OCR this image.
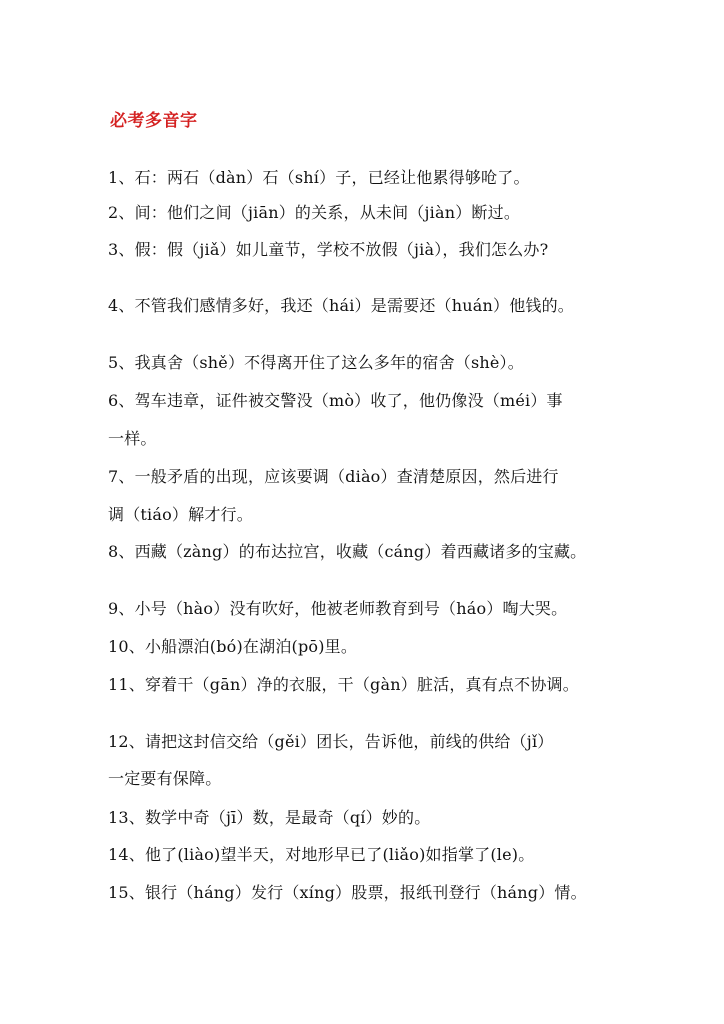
必考多音字
1、石：两石（dàn）石（shí）子，已经让他累得够呛了。
2、间：他们之间（jiān）的关系，从未间（jiàn）断过。
3、假：假（jiǎ）如儿童节，学校不放假（jià），我们怎么办?
4、不管我们感情多好，我还（hái）是需要还（huán）他钱的。
5、我真舍（shě）不得离开住了这么多年的宿舍（shè）。
6、驾车违章，证件被交警没（mò）收了，他仍像没（méi）事
一样。
7、一般矛盾的出现，应该要调（diào）查清楚原因，然后进行
调（tiáo）解才行。
8、西藏（zàng）的布达拉宫，收藏（cáng）着西藏诸多的宝藏。
9、小号（hào）没有吹好，他被老师教育到号（háo）啕大哭。
10、小船漂泊(bó)在湖泊(pō)里。
11、穿着干（gān）净的衣服，干（gàn）脏活，真有点不协调。
12、请把这封信交给（gěi）团长，告诉他，前线的供给（jǐ）
一定要有保障。
13、数学中奇（jī）数，是最奇（qí）妙的。
14、他了(liào)望半天，对地形早已了(liǎo)如指掌了(le)。
15、银行（háng）发行（xíng）股票，报纸刊登行（háng）情。
